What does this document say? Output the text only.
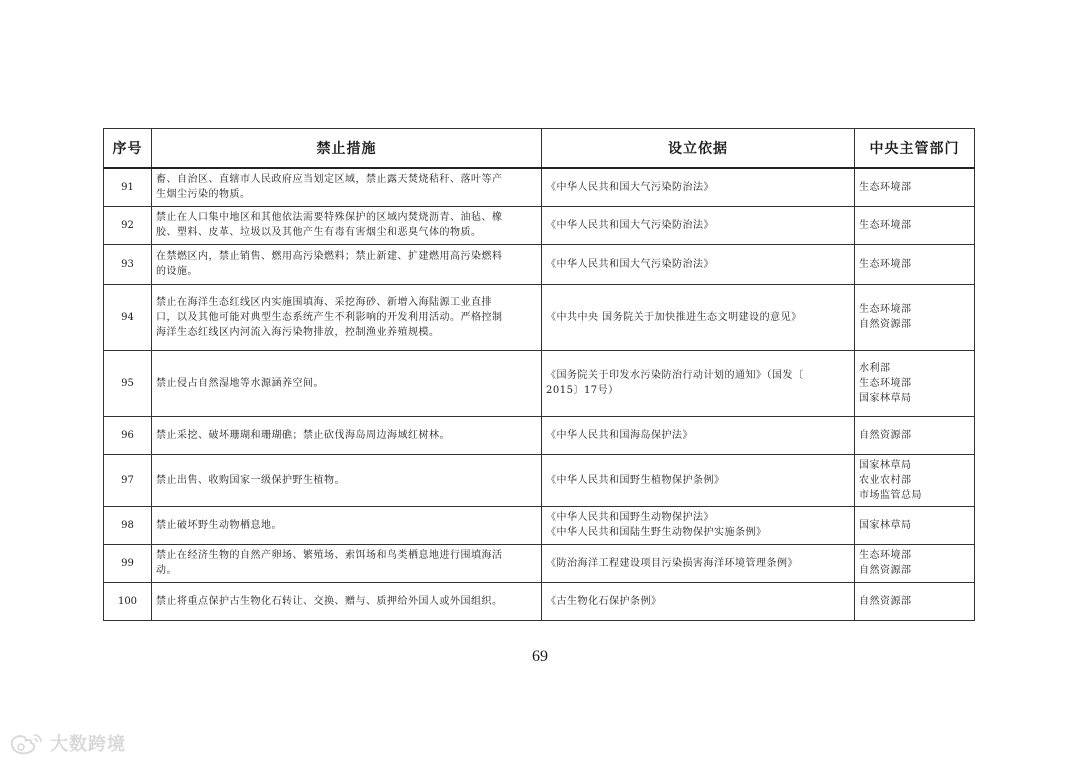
序号	禁止措施	设立依据	中央主管部门
91	畜、自治区、直辖市人民政府应当划定区域，禁止露天焚烧秸秆、落叶等产
生烟尘污染的物质。	《中华人民共和国大气污染防治法》	生态环境部

92	禁止在人口集中地区和其他依法需要特殊保护的区域内焚烧沥青、油毡、橡
胶、塑料、皮革、垃圾以及其他产生有毒有害烟尘和恶臭气体的物质。	《中华人民共和国大气污染防治法》	生态环境部

93	在禁燃区内，禁止销售、燃用高污染燃料；禁止新建、扩建燃用高污染燃料
的设施。	《中华人民共和国大气污染防治法》	生态环境部

94	禁止在海洋生态红线区内实施围填海、采挖海砂、新增入海陆源工业直排
口，以及其他可能对典型生态系统产生不利影响的开发利用活动。严格控制
海洋生态红线区内河流入海污染物排放，控制渔业养殖规模。	《中共中央 国务院关于加快推进生态文明建设的意见》	生态环境部
自然资源部

95	禁止侵占自然湿地等水源涵养空间。	《国务院关于印发水污染防治行动计划的通知》（国发〔
2015〕17号）	水利部
生态环境部
国家林草局

96	禁止采挖、破坏珊瑚和珊瑚礁；禁止砍伐海岛周边海域红树林。	《中华人民共和国海岛保护法》	自然资源部

97	禁止出售、收购国家一级保护野生植物。	《中华人民共和国野生植物保护条例》	国家林草局
农业农村部
市场监管总局

98	禁止破坏野生动物栖息地。	《中华人民共和国野生动物保护法》
《中华人民共和国陆生野生动物保护实施条例》	国家林草局

99	禁止在经济生物的自然产卵场、繁殖场、索饵场和鸟类栖息地进行围填海活
动。	《防治海洋工程建设项目污染损害海洋环境管理条例》	生态环境部
自然资源部

100	禁止将重点保护古生物化石转让、交换、赠与、质押给外国人或外国组织。	《古生物化石保护条例》	自然资源部
69
大数跨境
